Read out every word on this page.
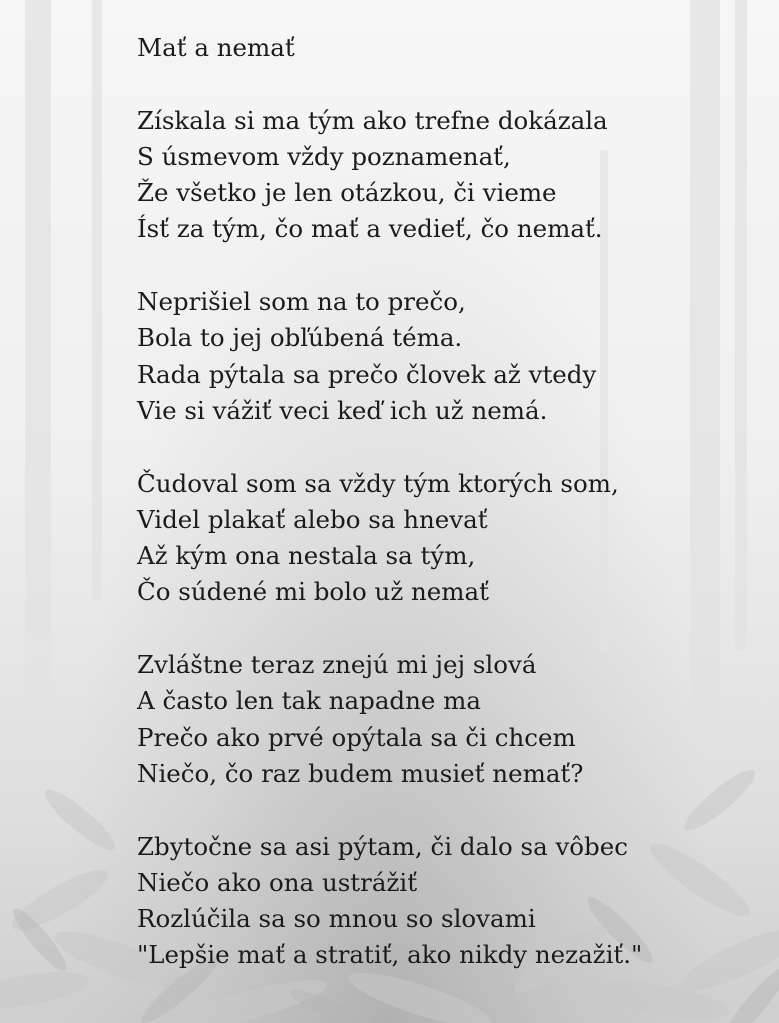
Mať a nemať
Získala si ma tým ako trefne dokázala
S úsmevom vždy poznamenať,
Že všetko je len otázkou, či vieme
Ísť za tým, čo mať a vedieť, čo nemať.
Neprišiel som na to prečo,
Bola to jej obľúbená téma.
Rada pýtala sa prečo človek až vtedy
Vie si vážiť veci keď ich už nemá.
Čudoval som sa vždy tým ktorých som,
Videl plakať alebo sa hnevať
Až kým ona nestala sa tým,
Čo súdené mi bolo už nemať
Zvláštne teraz znejú mi jej slová
A často len tak napadne ma
Prečo ako prvé opýtala sa či chcem
Niečo, čo raz budem musieť nemať?
Zbytočne sa asi pýtam, či dalo sa vôbec
Niečo ako ona ustrážiť
Rozlúčila sa so mnou so slovami
"Lepšie mať a stratiť, ako nikdy nezažiť."
